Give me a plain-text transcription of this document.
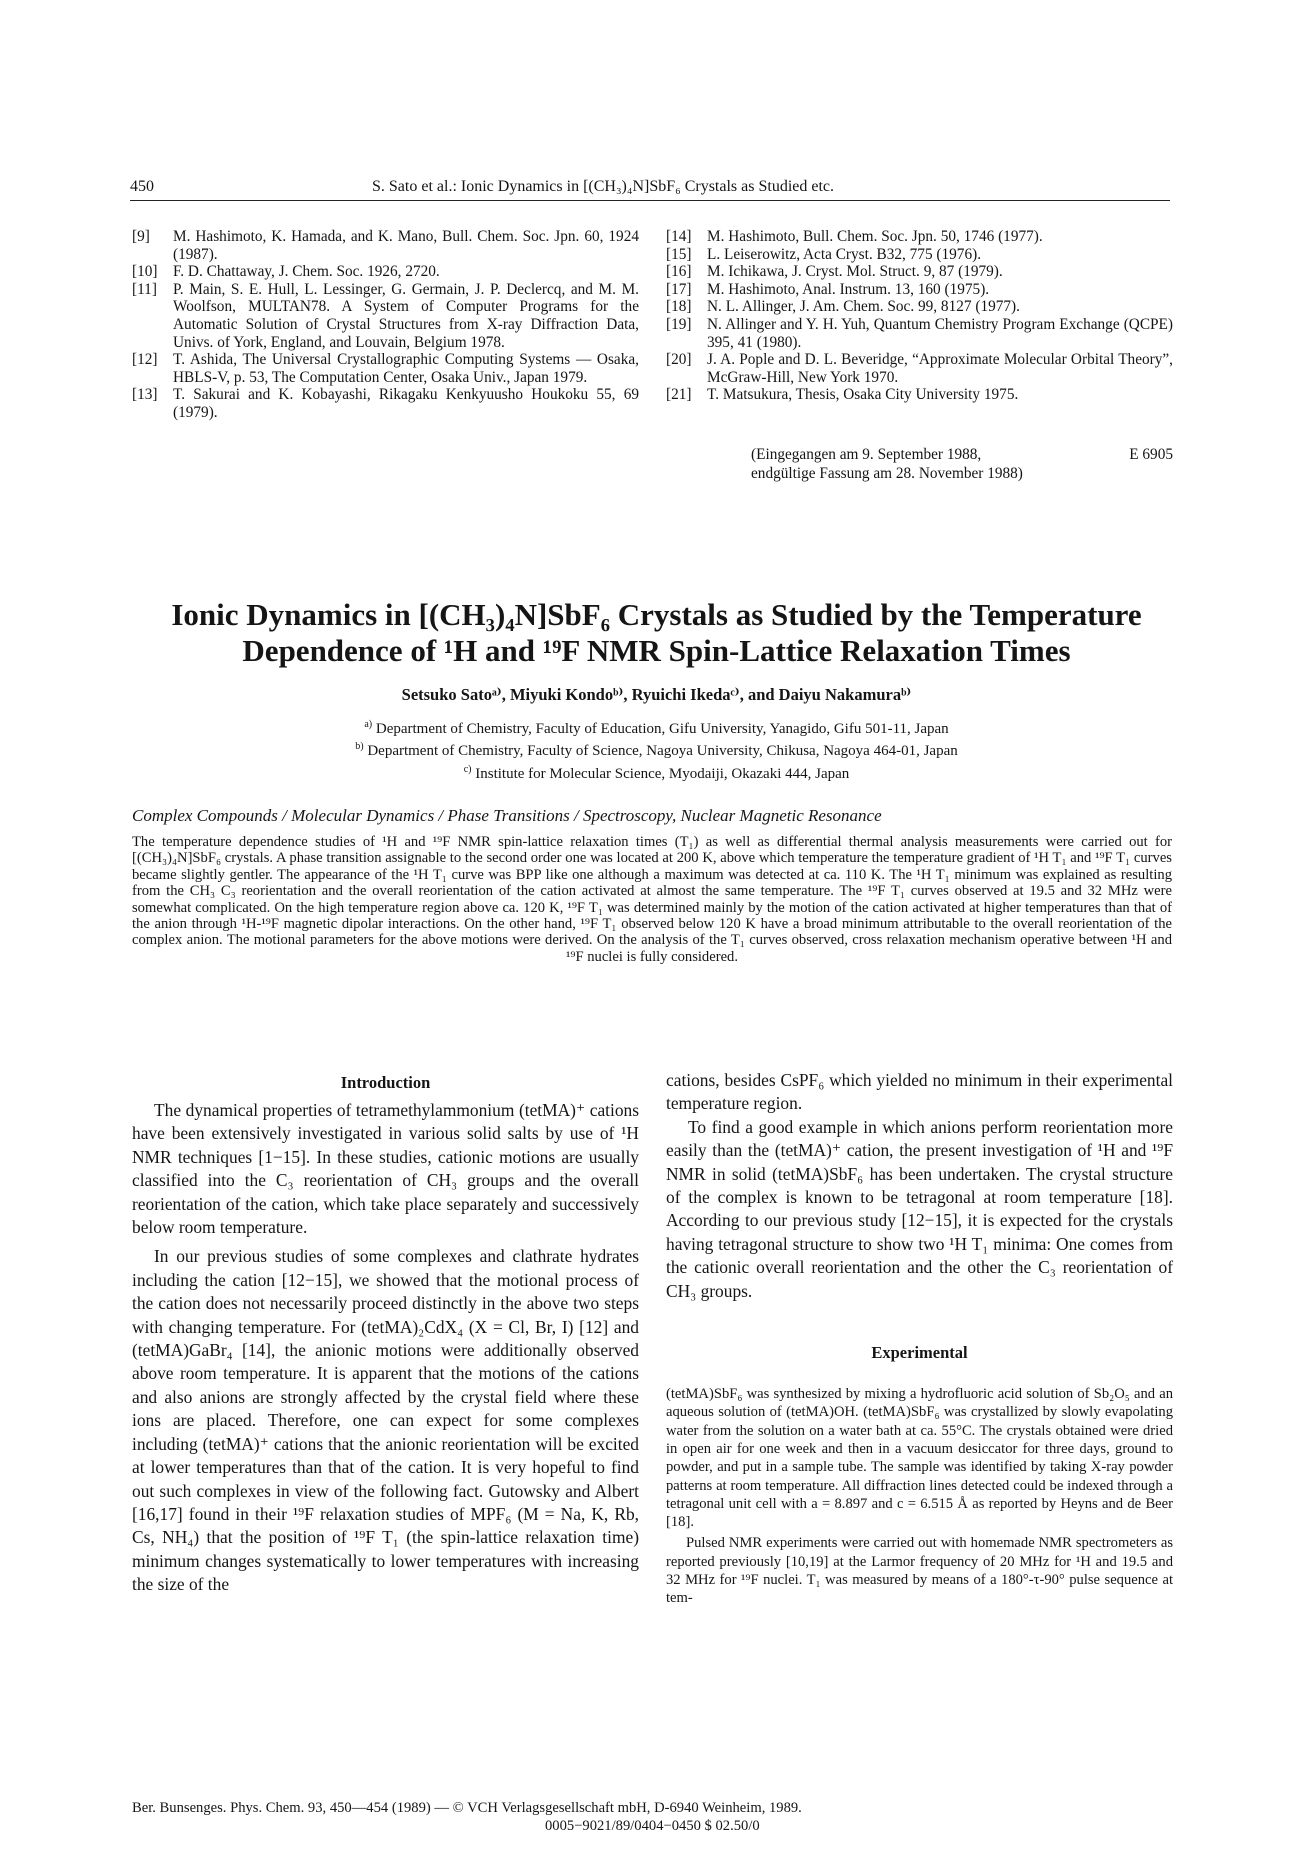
450	S. Sato et al.: Ionic Dynamics in [(CH₃)₄N]SbF₆ Crystals as Studied etc.

[9] M. Hashimoto, K. Hamada, and K. Mano, Bull. Chem. Soc. Jpn. 60, 1924 (1987).

[10] F. D. Chattaway, J. Chem. Soc. 1926, 2720.

[11] P. Main, S. E. Hull, L. Lessinger, G. Germain, J. P. Declercq, and M. M. Woolfson, MULTAN78. A System of Computer Programs for the Automatic Solution of Crystal Structures from X-ray Diffraction Data, Univs. of York, England, and Louvain, Belgium 1978.

[12] T. Ashida, The Universal Crystallographic Computing Systems — Osaka, HBLS-V, p. 53, The Computation Center, Osaka Univ., Japan 1979.

[13] T. Sakurai and K. Kobayashi, Rikagaku Kenkyuusho Houkoku 55, 69 (1979).

[14] M. Hashimoto, Bull. Chem. Soc. Jpn. 50, 1746 (1977).

[15] L. Leiserowitz, Acta Cryst. B32, 775 (1976).

[16] M. Ichikawa, J. Cryst. Mol. Struct. 9, 87 (1979).

[17] M. Hashimoto, Anal. Instrum. 13, 160 (1975).

[18] N. L. Allinger, J. Am. Chem. Soc. 99, 8127 (1977).

[19] N. Allinger and Y. H. Yuh, Quantum Chemistry Program Exchange (QCPE) 395, 41 (1980).

[20] J. A. Pople and D. L. Beveridge, “Approximate Molecular Orbital Theory”, McGraw-Hill, New York 1970.

[21] T. Matsukura, Thesis, Osaka City University 1975.

(Eingegangen am 9. September 1988,
endgültige Fassung am 28. November 1988)
E 6905
Ionic Dynamics in [(CH₃)₄N]SbF₆ Crystals as Studied by the Temperature
Dependence of ¹H and ¹⁹F NMR Spin-Lattice Relaxation Times
Setsuko Satoᵃ⁾, Miyuki Kondoᵇ⁾, Ryuichi Ikedaᶜ⁾, and Daiyu Nakamuraᵇ⁾
$^{a)}$ Department of Chemistry, Faculty of Education, Gifu University, Yanagido, Gifu 501-11, Japan
$^{b)}$ Department of Chemistry, Faculty of Science, Nagoya University, Chikusa, Nagoya 464-01, Japan
$^{c)}$ Institute for Molecular Science, Myodaiji, Okazaki 444, Japan
Complex Compounds / Molecular Dynamics / Phase Transitions / Spectroscopy, Nuclear Magnetic Resonance
The temperature dependence studies of ¹H and ¹⁹F NMR spin-lattice relaxation times (T₁) as well as differential thermal analysis measurements were carried out for [(CH₃)₄N]SbF₆ crystals. A phase transition assignable to the second order one was located at 200 K, above which temperature the temperature gradient of ¹H T₁ and ¹⁹F T₁ curves became slightly gentler. The appearance of the ¹H T₁ curve was BPP like one although a maximum was detected at ca. 110 K. The ¹H T₁ minimum was explained as resulting from the CH₃ C₃ reorientation and the overall reorientation of the cation activated at almost the same temperature. The ¹⁹F T₁ curves observed at 19.5 and 32 MHz were somewhat complicated. On the high temperature region above ca. 120 K, ¹⁹F T₁ was determined mainly by the motion of the cation activated at higher temperatures than that of the anion through ¹H-¹⁹F magnetic dipolar interactions. On the other hand, ¹⁹F T₁ observed below 120 K have a broad minimum attributable to the overall reorientation of the complex anion. The motional parameters for the above motions were derived. On the analysis of the T₁ curves observed, cross relaxation mechanism operative between ¹H and ¹⁹F nuclei is fully considered.
Introduction

The dynamical properties of tetramethylammonium (tetMA)⁺ cations have been extensively investigated in various solid salts by use of ¹H NMR techniques [1−15]. In these studies, cationic motions are usually classified into the C₃ reorientation of CH₃ groups and the overall reorientation of the cation, which take place separately and successively below room temperature.

In our previous studies of some complexes and clathrate hydrates including the cation [12−15], we showed that the motional process of the cation does not necessarily proceed distinctly in the above two steps with changing temperature. For (tetMA)₂CdX₄ (X = Cl, Br, I) [12] and (tetMA)GaBr₄ [14], the anionic motions were additionally observed above room temperature. It is apparent that the motions of the cations and also anions are strongly affected by the crystal field where these ions are placed. Therefore, one can expect for some complexes including (tetMA)⁺ cations that the anionic reorientation will be excited at lower temperatures than that of the cation. It is very hopeful to find out such complexes in view of the following fact. Gutowsky and Albert [16,17] found in their ¹⁹F relaxation studies of MPF₆ (M = Na, K, Rb, Cs, NH₄) that the position of ¹⁹F T₁ (the spin-lattice relaxation time) minimum changes systematically to lower temperatures with increasing the size of the

cations, besides CsPF₆ which yielded no minimum in their experimental temperature region.

To find a good example in which anions perform reorientation more easily than the (tetMA)⁺ cation, the present investigation of ¹H and ¹⁹F NMR in solid (tetMA)SbF₆ has been undertaken. The crystal structure of the complex is known to be tetragonal at room temperature [18]. According to our previous study [12−15], it is expected for the crystals having tetragonal structure to show two ¹H T₁ minima: One comes from the cationic overall reorientation and the other the C₃ reorientation of CH₃ groups.

Experimental

(tetMA)SbF₆ was synthesized by mixing a hydrofluoric acid solution of Sb₂O₅ and an aqueous solution of (tetMA)OH. (tetMA)SbF₆ was crystallized by slowly evapolating water from the solution on a water bath at ca. 55°C. The crystals obtained were dried in open air for one week and then in a vacuum desiccator for three days, ground to powder, and put in a sample tube. The sample was identified by taking X-ray powder patterns at room temperature. All diffraction lines detected could be indexed through a tetragonal unit cell with a = 8.897 and c = 6.515 Å as reported by Heyns and de Beer [18].

Pulsed NMR experiments were carried out with homemade NMR spectrometers as reported previously [10,19] at the Larmor frequency of 20 MHz for ¹H and 19.5 and 32 MHz for ¹⁹F nuclei. T₁ was measured by means of a 180°-τ-90° pulse sequence at tem-

Ber. Bunsenges. Phys. Chem. 93, 450—454 (1989) — © VCH Verlagsgesellschaft mbH, D-6940 Weinheim, 1989.
0005−9021/89/0404−0450 $ 02.50/0
